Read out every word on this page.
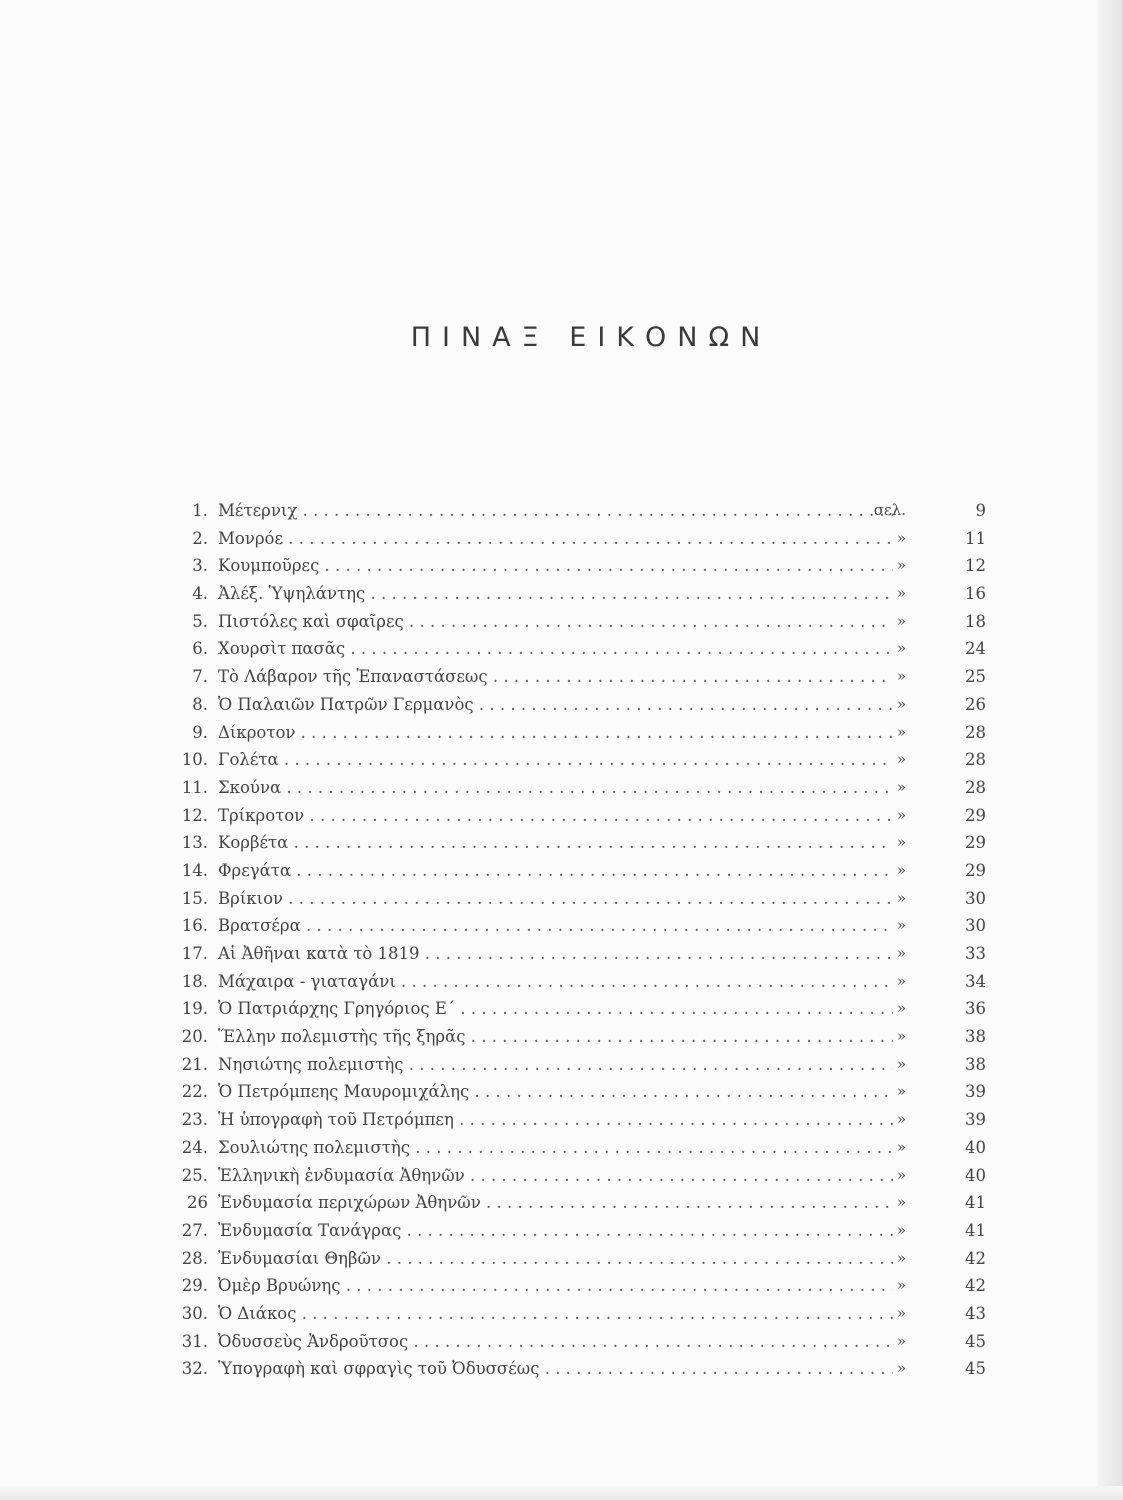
ΠΙΝΑΞ ΕΙΚΟΝΩΝ
1. Μέτερνιχ . . .	σελ.	9
2. Μονρόε . . .	»	11
3. Κουμποῦρες . . .	»	12
4. Ἀλέξ. Ὑψηλάντης . . .	»	16
5. Πιστόλες καὶ σφαῖρες . . .	»	18
6. Χουρσὶτ πασᾶς . . .	»	24
7. Τὸ Λάβαρον τῆς Ἐπαναστάσεως . . .	»	25
8. Ὁ Παλαιῶν Πατρῶν Γερμανὸς . . .	»	26
9. Δίκροτον . . .	»	28
10. Γολέτα . . .	»	28
11. Σκούνα . . .	»	28
12. Τρίκροτον . . .	»	29
13. Κορβέτα . . .	»	29
14. Φρεγάτα . . .	»	29
15. Βρίκιον . . .	»	30
16. Βρατσέρα . . .	»	30
17. Αἱ Ἀθῆναι κατὰ τὸ 1819 . . .	»	33
18. Μάχαιρα - γιαταγάνι . . .	»	34
19. Ὁ Πατριάρχης Γρηγόριος Ε΄ . . .	»	36
20. Ἕλλην πολεμιστὴς τῆς ξηρᾶς . . .	»	38
21. Νησιώτης πολεμιστὴς . . .	»	38
22. Ὁ Πετρόμπεης Μαυρομιχάλης . . .	»	39
23. Ἡ ὑπογραφὴ τοῦ Πετρόμπεη . . .	»	39
24. Σουλιώτης πολεμιστὴς . . .	»	40
25. Ἑλληνικὴ ἐνδυμασία Ἀθηνῶν . . .	»	40
26 Ἐνδυμασία περιχώρων Ἀθηνῶν . . .	»	41
27. Ἐνδυμασία Τανάγρας . . .	»	41
28. Ἐνδυμασίαι Θηβῶν . . .	»	42
29. Ὀμὲρ Βρυώνης . . .	»	42
30. Ὁ Διάκος . . .	»	43
31. Ὀδυσσεὺς Ἀνδροῦτσος . . .	»	45
32. Ὑπογραφὴ καὶ σφραγὶς τοῦ Ὀδυσσέως . . .	»	45
